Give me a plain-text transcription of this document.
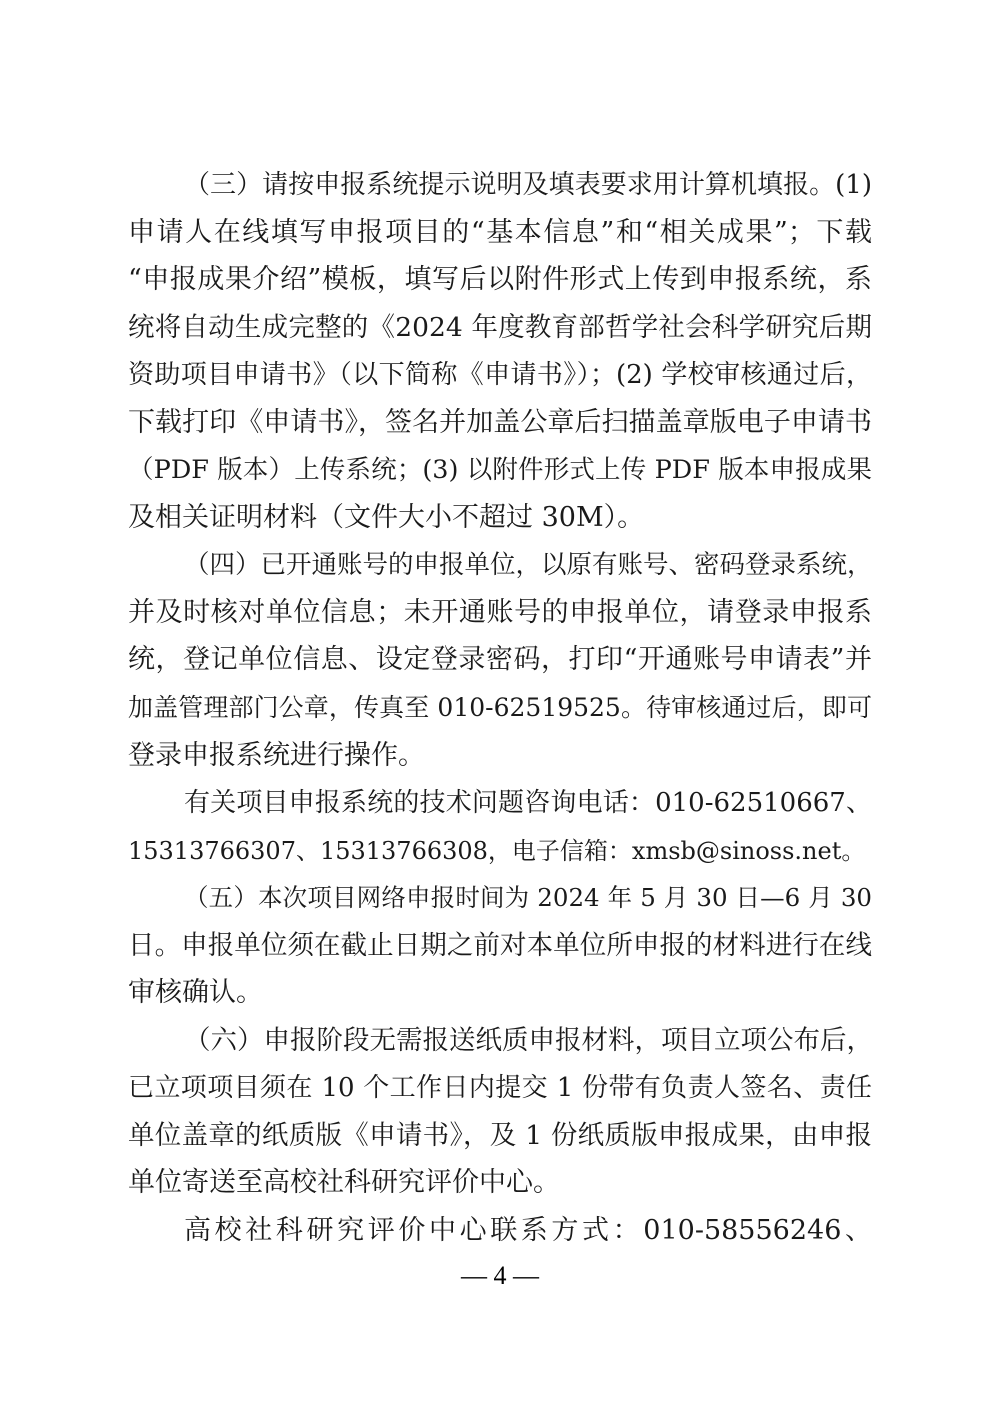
（三）请按申报系统提示说明及填表要求用计算机填报。(1)
申请人在线填写申报项目的“基本信息”和“相关成果”；下载
“申报成果介绍”模板，填写后以附件形式上传到申报系统，系
统将自动生成完整的《2024 年度教育部哲学社会科学研究后期
资助项目申请书》（以下简称《申请书》）；(2) 学校审核通过后，
下载打印《申请书》，签名并加盖公章后扫描盖章版电子申请书
（PDF 版本）上传系统；(3) 以附件形式上传 PDF 版本申报成果
及相关证明材料（文件大小不超过 30M）。
（四）已开通账号的申报单位，以原有账号、密码登录系统，
并及时核对单位信息；未开通账号的申报单位，请登录申报系
统，登记单位信息、设定登录密码，打印“开通账号申请表”并
加盖管理部门公章，传真至 010-62519525。待审核通过后，即可
登录申报系统进行操作。
有关项目申报系统的技术问题咨询电话：010-62510667、
15313766307、15313766308，电子信箱：xmsb@sinoss.net。
（五）本次项目网络申报时间为 2024 年 5 月 30 日—6 月 30
日。申报单位须在截止日期之前对本单位所申报的材料进行在线
审核确认。
（六）申报阶段无需报送纸质申报材料，项目立项公布后，
已立项项目须在 10 个工作日内提交 1 份带有负责人签名、责任
单位盖章的纸质版《申请书》，及 1 份纸质版申报成果，由申报
单位寄送至高校社科研究评价中心。
高校社科研究评价中心联系方式：010-58556246、
— 4 —
